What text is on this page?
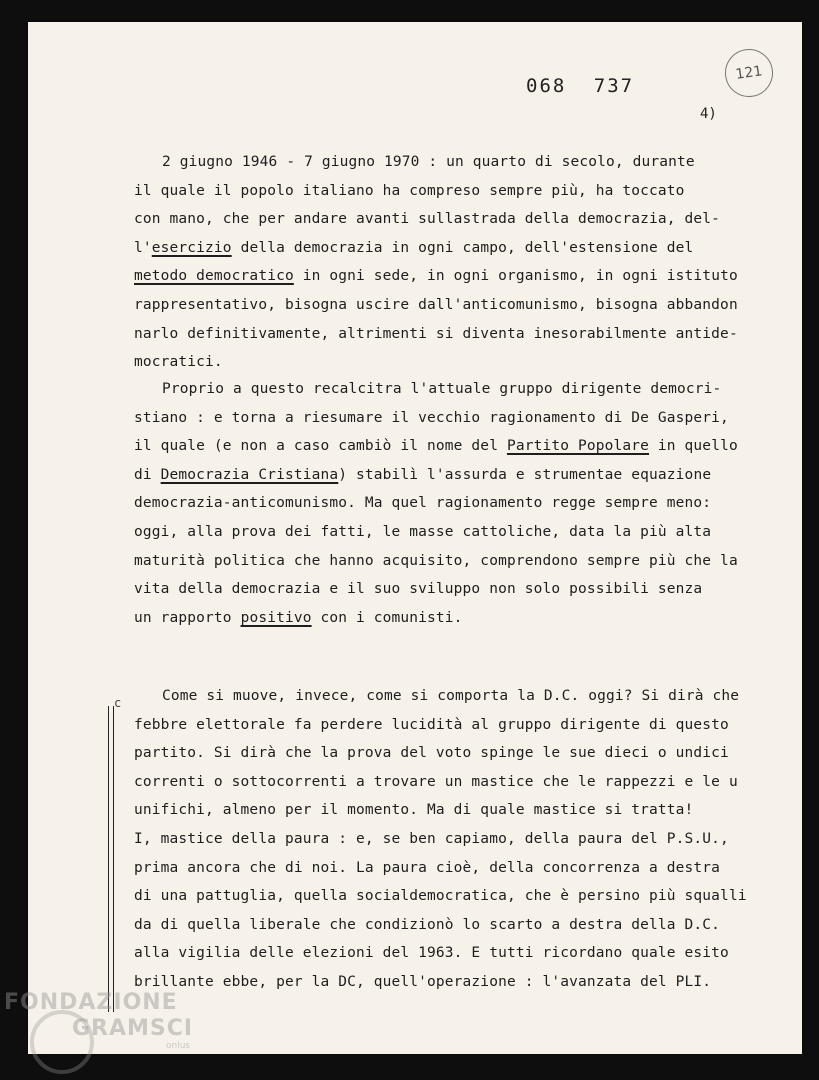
068 737
121
4)
c
2 giugno 1946 - 7 giugno 1970 : un quarto di secolo, durante
il quale il popolo italiano ha compreso sempre più, ha toccato
con mano, che per andare avanti sullastrada della democrazia, del-
l'esercizio della democrazia in ogni campo, dell'estensione del
metodo democratico in ogni sede, in ogni organismo, in ogni istituto
rappresentativo, bisogna uscire dall'anticomunismo, bisogna abbandon
narlo definitivamente, altrimenti si diventa inesorabilmente antide-
mocratici.
Proprio a questo recalcitra l'attuale gruppo dirigente democri-
stiano : e torna a riesumare il vecchio ragionamento di De Gasperi,
il quale (e non a caso cambiò il nome del Partito Popolare in quello
di Democrazia Cristiana) stabilì l'assurda e strumentae equazione
democrazia-anticomunismo. Ma quel ragionamento regge sempre meno:
oggi, alla prova dei fatti, le masse cattoliche, data la più alta
maturità politica che hanno acquisito, comprendono sempre più che la
vita della democrazia e il suo sviluppo non solo possibili senza
un rapporto positivo con i comunisti.
Come si muove, invece, come si comporta la D.C. oggi? Si dirà che
febbre elettorale fa perdere lucidità al gruppo dirigente di questo
partito. Si dirà che la prova del voto spinge le sue dieci o undici
correnti o sottocorrenti a trovare un mastice che le rappezzi e le u
unifichi, almeno per il momento. Ma di quale mastice si tratta!
I, mastice della paura : e, se ben capiamo, della paura del P.S.U.,
prima ancora che di noi. La paura cioè, della concorrenza a destra
di una pattuglia, quella socialdemocratica, che è persino più squalli
da di quella liberale che condizionò lo scarto a destra della D.C.
alla vigilia delle elezioni del 1963. E tutti ricordano quale esito
brillante ebbe, per la DC, quell'operazione : l'avanzata del PLI.
FONDAZIONE
GRAMSCI
onlus
